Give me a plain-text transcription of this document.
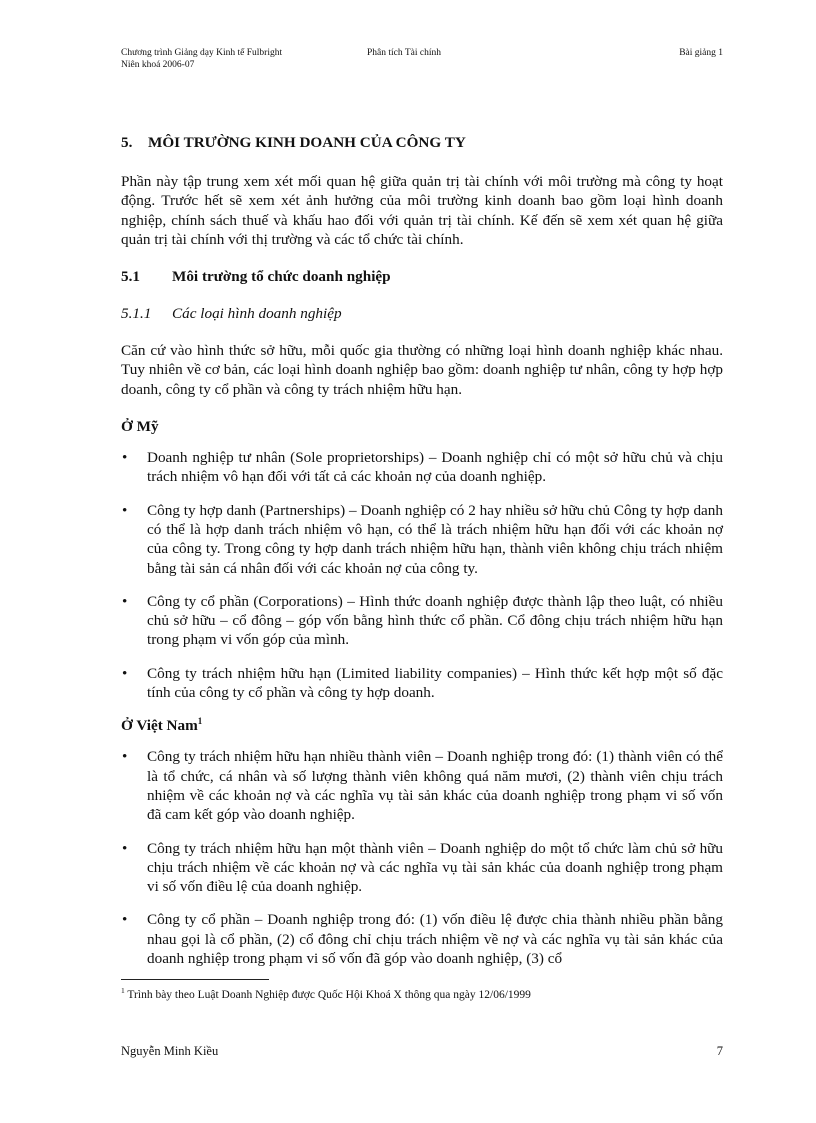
Chương trình Giảng dạy Kinh tế Fulbright
Niên khoá 2006-07
Phân tích Tài chính	Bài giảng 1
5. MÔI TRƯỜNG KINH DOANH CỦA CÔNG TY

Phần này tập trung xem xét mối quan hệ giữa quản trị tài chính với môi trường mà công ty hoạt động. Trước hết sẽ xem xét ảnh hưởng của môi trường kinh doanh bao gồm loại hình doanh nghiệp, chính sách thuế và khấu hao đối với quản trị tài chính. Kế đến sẽ xem xét quan hệ giữa quản trị tài chính với thị trường và các tổ chức tài chính.

5.1 Môi trường tổ chức doanh nghiệp
5.1.1 Các loại hình doanh nghiệp

Căn cứ vào hình thức sở hữu, mỗi quốc gia thường có những loại hình doanh nghiệp khác nhau. Tuy nhiên về cơ bản, các loại hình doanh nghiệp bao gồm: doanh nghiệp tư nhân, công ty hợp hợp doanh, công ty cổ phần và công ty trách nhiệm hữu hạn.

Ở Mỹ
• Doanh nghiệp tư nhân (Sole proprietorships) – Doanh nghiệp chỉ có một sở hữu chủ và chịu trách nhiệm vô hạn đối với tất cả các khoản nợ của doanh nghiệp.
• Công ty hợp danh (Partnerships) – Doanh nghiệp có 2 hay nhiều sở hữu chủ Công ty hợp danh có thể là hợp danh trách nhiệm vô hạn, có thể là trách nhiệm hữu hạn đối với các khoản nợ của công ty. Trong công ty hợp danh trách nhiệm hữu hạn, thành viên không chịu trách nhiệm bằng tài sản cá nhân đối với các khoản nợ của công ty.
• Công ty cổ phần (Corporations) – Hình thức doanh nghiệp được thành lập theo luật, có nhiều chủ sở hữu – cổ đông – góp vốn bằng hình thức cổ phần. Cổ đông chịu trách nhiệm hữu hạn trong phạm vi vốn góp của mình.
• Công ty trách nhiệm hữu hạn (Limited liability companies) – Hình thức kết hợp một số đặc tính của công ty cổ phần và công ty hợp doanh.
Ở Việt Nam$^1$
• Công ty trách nhiệm hữu hạn nhiều thành viên – Doanh nghiệp trong đó: (1) thành viên có thể là tổ chức, cá nhân và số lượng thành viên không quá năm mươi, (2) thành viên chịu trách nhiệm về các khoản nợ và các nghĩa vụ tài sản khác của doanh nghiệp trong phạm vi số vốn đã cam kết góp vào doanh nghiệp.
• Công ty trách nhiệm hữu hạn một thành viên – Doanh nghiệp do một tổ chức làm chủ sở hữu chịu trách nhiệm về các khoản nợ và các nghĩa vụ tài sản khác của doanh nghiệp trong phạm vi số vốn điều lệ của doanh nghiệp.
• Công ty cổ phần – Doanh nghiệp trong đó: (1) vốn điều lệ được chia thành nhiều phần bằng nhau gọi là cổ phần, (2) cổ đông chỉ chịu trách nhiệm về nợ và các nghĩa vụ tài sản khác của doanh nghiệp trong phạm vi số vốn đã góp vào doanh nghiệp, (3) cổ
$^1$ Trình bày theo Luật Doanh Nghiệp được Quốc Hội Khoá X thông qua ngày 12/06/1999
Nguyễn Minh Kiều	7
